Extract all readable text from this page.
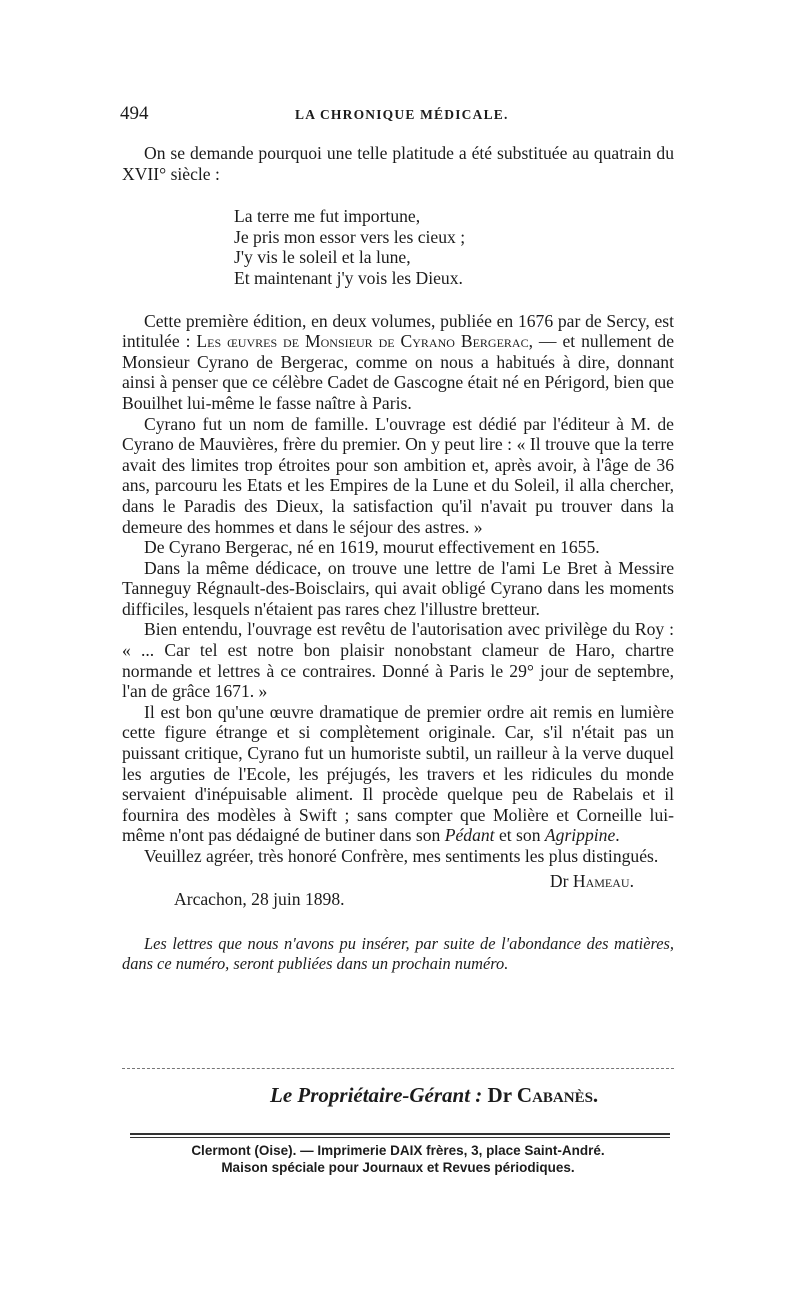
494	LA CHRONIQUE MÉDICALE.

On se demande pourquoi une telle platitude a été substituée au quatrain du XVII° siècle :

La terre me fut importune,
Je pris mon essor vers les cieux ;
J'y vis le soleil et la lune,
Et maintenant j'y vois les Dieux.

Cette première édition, en deux volumes, publiée en 1676 par de Sercy, est intitulée : Les œuvres de Monsieur de Cyrano Bergerac, — et nullement de Monsieur Cyrano de Bergerac, comme on nous a habitués à dire, donnant ainsi à penser que ce célèbre Cadet de Gascogne était né en Périgord, bien que Bouilhet lui-même le fasse naître à Paris.

Cyrano fut un nom de famille. L'ouvrage est dédié par l'éditeur à M. de Cyrano de Mauvières, frère du premier. On y peut lire : « Il trouve que la terre avait des limites trop étroites pour son ambition et, après avoir, à l'âge de 36 ans, parcouru les Etats et les Empires de la Lune et du Soleil, il alla chercher, dans le Paradis des Dieux, la satisfaction qu'il n'avait pu trouver dans la demeure des hommes et dans le séjour des astres. »

De Cyrano Bergerac, né en 1619, mourut effectivement en 1655.

Dans la même dédicace, on trouve une lettre de l'ami Le Bret à Messire Tanneguy Régnault-des-Boisclairs, qui avait obligé Cyrano dans les moments difficiles, lesquels n'étaient pas rares chez l'illustre bretteur.

Bien entendu, l'ouvrage est revêtu de l'autorisation avec privilège du Roy : « ... Car tel est notre bon plaisir nonobstant clameur de Haro, chartre normande et lettres à ce contraires. Donné à Paris le 29° jour de septembre, l'an de grâce 1671. »

Il est bon qu'une œuvre dramatique de premier ordre ait remis en lumière cette figure étrange et si complètement originale. Car, s'il n'était pas un puissant critique, Cyrano fut un humoriste subtil, un railleur à la verve duquel les arguties de l'Ecole, les préjugés, les travers et les ridicules du monde servaient d'inépuisable aliment. Il procède quelque peu de Rabelais et il fournira des modèles à Swift ; sans compter que Molière et Corneille lui-même n'ont pas dédaigné de butiner dans son Pédant et son Agrippine.

Veuillez agréer, très honoré Confrère, mes sentiments les plus distingués.

Dr Hameau.
Arcachon, 28 juin 1898.
Les lettres que nous n'avons pu insérer, par suite de l'abondance des matières, dans ce numéro, seront publiées dans un prochain numéro.
Le Propriétaire-Gérant : Dr Cabanès.
Clermont (Oise). — Imprimerie DAIX frères, 3, place Saint-André.
Maison spéciale pour Journaux et Revues périodiques.
